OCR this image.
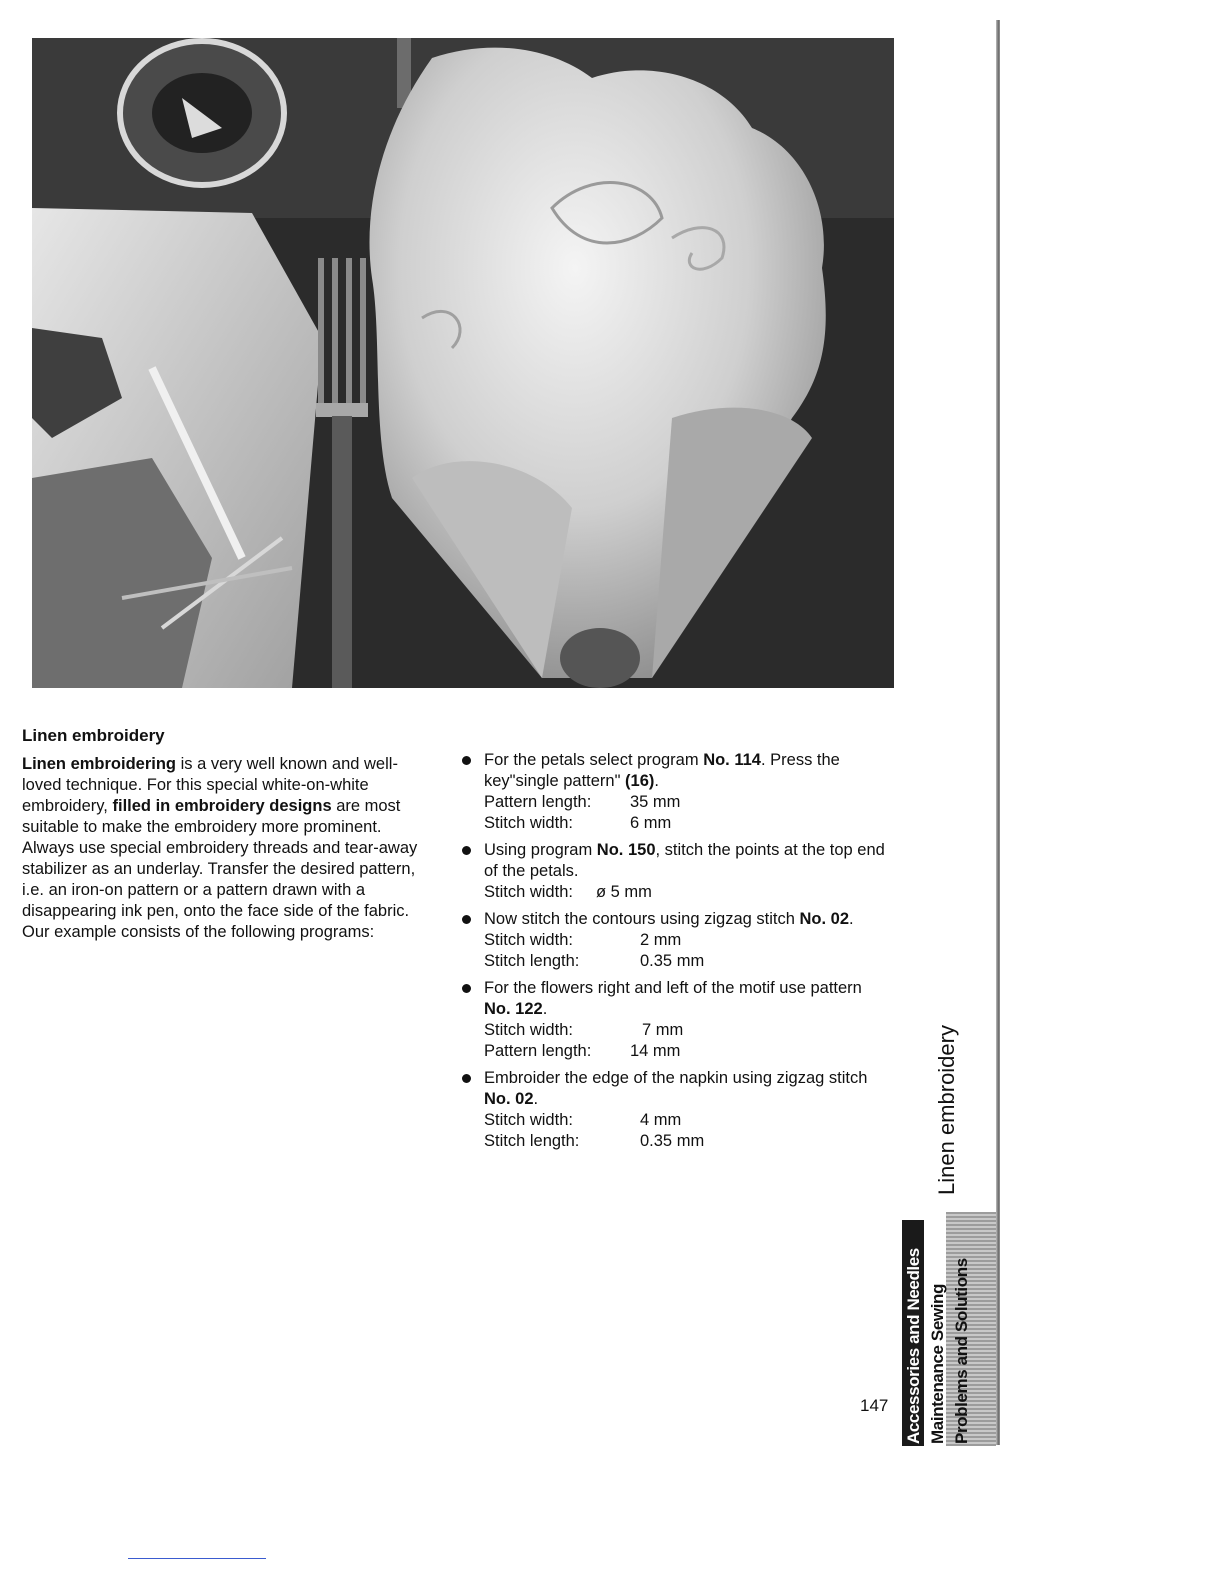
Linen embroidery

Linen embroidering is a very well known and well-loved technique. For this special white-on-white embroidery, filled in embroidery designs are most suitable to make the embroidery more prominent. Always use special embroidery threads and tear-away stabilizer as an underlay. Transfer the desired pattern, i.e. an iron-on pattern or a pattern drawn with a disappearing ink pen, onto the face side of the fabric. Our example consists of the following programs:

For the petals select program No. 114. Press the key"single pattern" (16).
Pattern length:	35 mm
Stitch width:	6 mm
Using program No. 150, stitch the points at the top end of the petals.
Stitch width:	ø 5 mm
Now stitch the contours using zigzag stitch No. 02.
Stitch width:	2 mm
Stitch length:	0.35 mm
For the flowers right and left of the motif use pattern No. 122.
Stitch width:	7 mm
Pattern length:	14 mm
Embroider the edge of the napkin using zigzag stitch No. 02.
Stitch width:	4 mm
Stitch length:	0.35 mm	Linen embroidery
Accessories and Needles Maintenance Sewing Problems and Solutions
147
